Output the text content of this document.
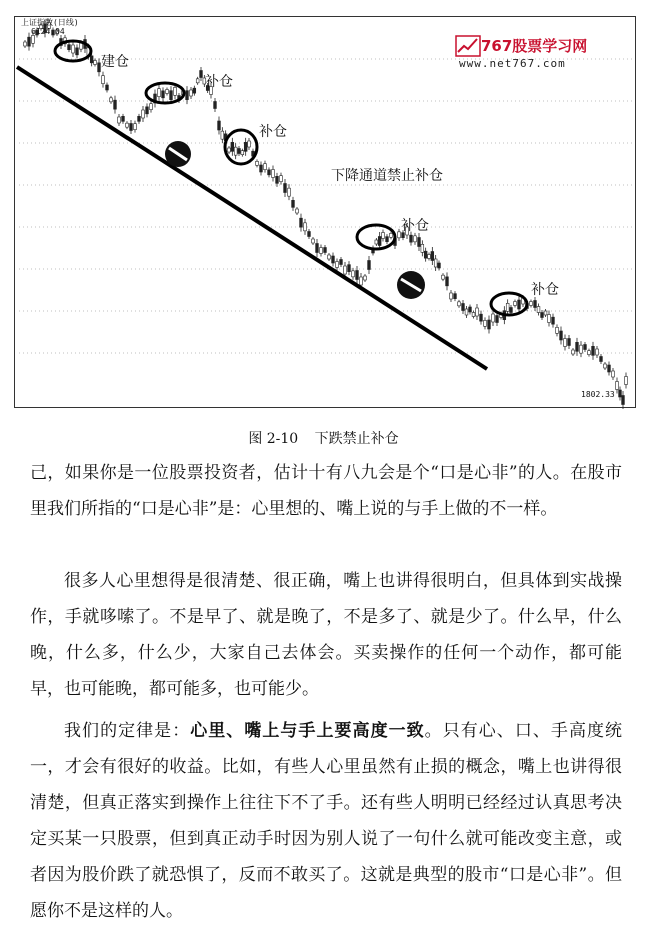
上证指数(日线)
6124.04
1802.33
建仓
补仓
补仓
下降通道禁止补仓
补仓
补仓
767股票学习网
www.net767.com
图 2-10 下跌禁止补仓
己，如果你是一位股票投资者，估计十有八九会是个“口是心非”的人。在股市里我们所指的“口是心非”是：心里想的、嘴上说的与手上做的不一样。
很多人心里想得是很清楚、很正确，嘴上也讲得很明白，但具体到实战操作，手就哆嗦了。不是早了、就是晚了，不是多了、就是少了。什么早，什么晚，什么多，什么少，大家自己去体会。买卖操作的任何一个动作，都可能早，也可能晚，都可能多，也可能少。
我们的定律是：心里、嘴上与手上要高度一致。只有心、口、手高度统一，才会有很好的收益。比如，有些人心里虽然有止损的概念，嘴上也讲得很清楚，但真正落实到操作上往往下不了手。还有些人明明已经经过认真思考决定买某一只股票，但到真正动手时因为别人说了一句什么就可能改变主意，或者因为股价跌了就恐惧了，反而不敢买了。这就是典型的股市“口是心非”。但愿你不是这样的人。
